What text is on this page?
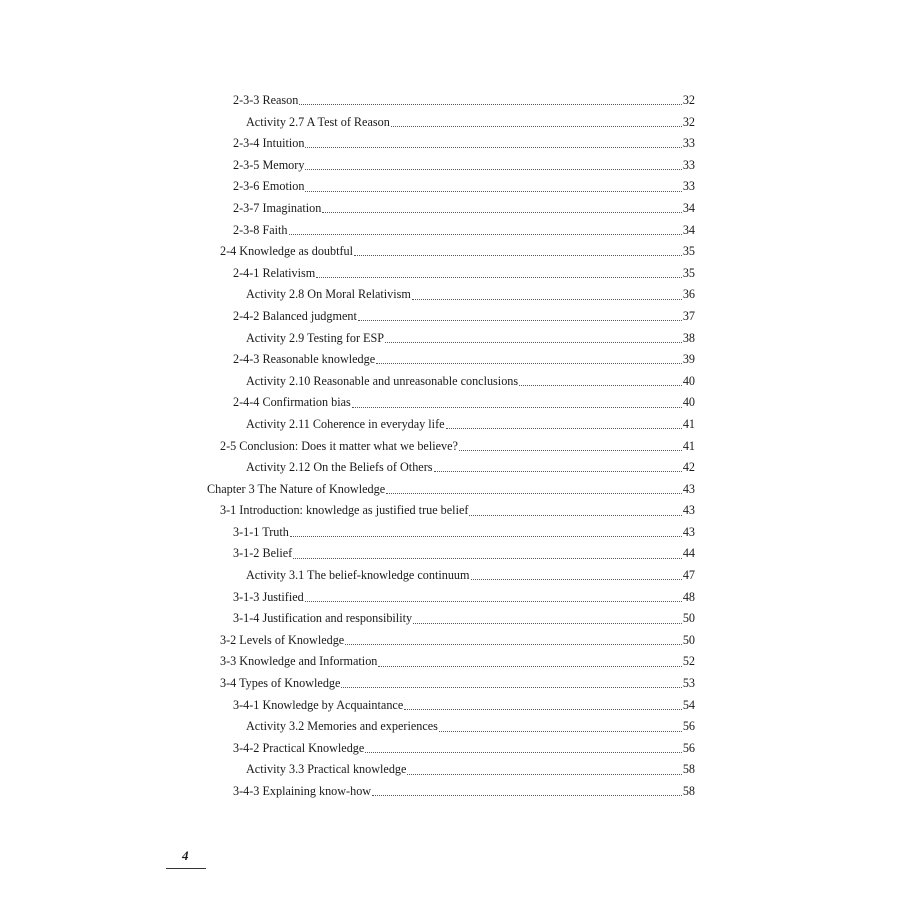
2-3-3 Reason	32
Activity 2.7 A Test of Reason	32
2-3-4 Intuition	33
2-3-5 Memory	33
2-3-6 Emotion	33
2-3-7 Imagination	34
2-3-8 Faith	34
2-4 Knowledge as doubtful	35
2-4-1 Relativism	35
Activity 2.8 On Moral Relativism	36
2-4-2 Balanced judgment	37
Activity 2.9 Testing for ESP	38
2-4-3 Reasonable knowledge	39
Activity 2.10 Reasonable and unreasonable conclusions	40
2-4-4 Confirmation bias	40
Activity 2.11 Coherence in everyday life	41
2-5 Conclusion: Does it matter what we believe?	41
Activity 2.12 On the Beliefs of Others	42
Chapter 3 The Nature of Knowledge	43
3-1 Introduction: knowledge as justified true belief	43
3-1-1 Truth	43
3-1-2 Belief	44
Activity 3.1 The belief-knowledge continuum	47
3-1-3 Justified	48
3-1-4 Justification and responsibility	50
3-2 Levels of Knowledge	50
3-3 Knowledge and Information	52
3-4 Types of Knowledge	53
3-4-1 Knowledge by Acquaintance	54
Activity 3.2 Memories and experiences	56
3-4-2 Practical Knowledge	56
Activity 3.3 Practical knowledge	58
3-4-3 Explaining know-how	58
4
